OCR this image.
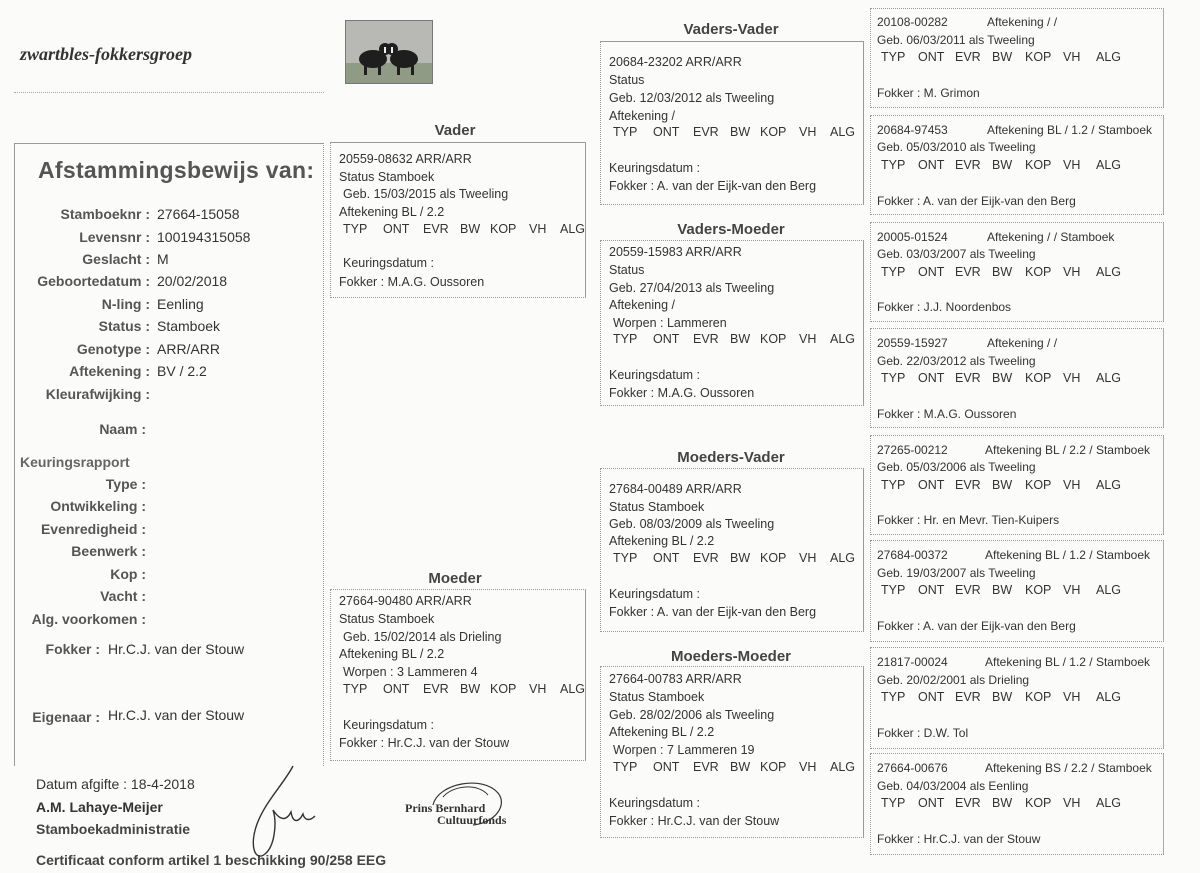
zwartbles-fokkersgroep
Afstammingsbewijs van:
Stamboeknr : 27664-15058
Levensnr : 100194315058
Geslacht : M
Geboortedatum : 20/02/2018
N-ling : Eenling
Status : Stamboek
Genotype : ARR/ARR
Aftekening : BV / 2.2
Kleurafwijking :
Naam :
Keuringsrapport
Type :
Ontwikkeling :
Evenredigheid :
Beenwerk :
Kop :
Vacht :
Alg. voorkomen :
Fokker : Hr.C.J. van der Stouw
Eigenaar : Hr.C.J. van der Stouw
Vader
20559-08632 ARR/ARR
Status Stamboek
Geb. 15/03/2015 als Tweeling
Aftekening BL / 2.2
TYP	ONT	EVR BW KOP	VH	ALG
Keuringsdatum :
Fokker : M.A.G. Oussoren
Moeder
27664-90480 ARR/ARR
Status Stamboek
Geb. 15/02/2014 als Drieling
Aftekening BL / 2.2
Worpen : 3 Lammeren 4
TYP	ONT	EVR BW KOP	VH	ALG
Keuringsdatum :
Fokker : Hr.C.J. van der Stouw
Vaders-Vader
20684-23202 ARR/ARR
Status
Geb. 12/03/2012 als Tweeling
Aftekening /
TYP	ONT	EVR BW KOP	VH	ALG
Keuringsdatum :
Fokker : A. van der Eijk-van den Berg
Vaders-Moeder
20559-15983 ARR/ARR
Status
Geb. 27/04/2013 als Tweeling
Aftekening /
Worpen : Lammeren
TYP	ONT	EVR BW KOP	VH	ALG
Keuringsdatum :
Fokker : M.A.G. Oussoren
Moeders-Vader
27684-00489 ARR/ARR
Status Stamboek
Geb. 08/03/2009 als Tweeling
Aftekening BL / 2.2
TYP	ONT	EVR BW KOP	VH	ALG
Keuringsdatum :
Fokker : A. van der Eijk-van den Berg
Moeders-Moeder
27664-00783 ARR/ARR
Status Stamboek
Geb. 28/02/2006 als Tweeling
Aftekening BL / 2.2
Worpen : 7 Lammeren 19
TYP	ONT	EVR BW KOP	VH	ALG
Keuringsdatum :
Fokker : Hr.C.J. van der Stouw
20108-00282	Aftekening / /
Geb. 06/03/2011 als Tweeling
TYP	ONT EVR BW	KOP VH	ALG
Fokker : M. Grimon
20684-97453	Aftekening BL / 1.2 / Stamboek
Geb. 05/03/2010 als Tweeling
TYP	ONT EVR BW	KOP VH	ALG
Fokker : A. van der Eijk-van den Berg
20005-01524	Aftekening / / Stamboek
Geb. 03/03/2007 als Tweeling
TYP	ONT EVR BW	KOP VH	ALG
Fokker : J.J. Noordenbos
20559-15927	Aftekening / /
Geb. 22/03/2012 als Tweeling
TYP	ONT EVR BW	KOP VH	ALG
Fokker : M.A.G. Oussoren
27265-00212	Aftekening BL / 2.2 / Stamboek
Geb. 05/03/2006 als Tweeling
TYP	ONT EVR BW	KOP VH	ALG
Fokker : Hr. en Mevr. Tien-Kuipers
27684-00372	Aftekening BL / 1.2 / Stamboek
Geb. 19/03/2007 als Tweeling
TYP	ONT EVR BW	KOP VH	ALG
Fokker : A. van der Eijk-van den Berg
21817-00024	Aftekening BL / 1.2 / Stamboek
Geb. 20/02/2001 als Drieling
TYP	ONT EVR BW	KOP VH	ALG
Fokker : D.W. Tol
27664-00676	Aftekening BS / 2.2 / Stamboek
Geb. 04/03/2004 als Eenling
TYP	ONT EVR BW	KOP VH	ALG
Fokker : Hr.C.J. van der Stouw
Datum afgifte : 18-4-2018
A.M. Lahaye-Meijer
Stamboekadministratie
Certificaat conform artikel 1 beschikking 90/258 EEG
Prins Bernhard
Cultuurfonds
